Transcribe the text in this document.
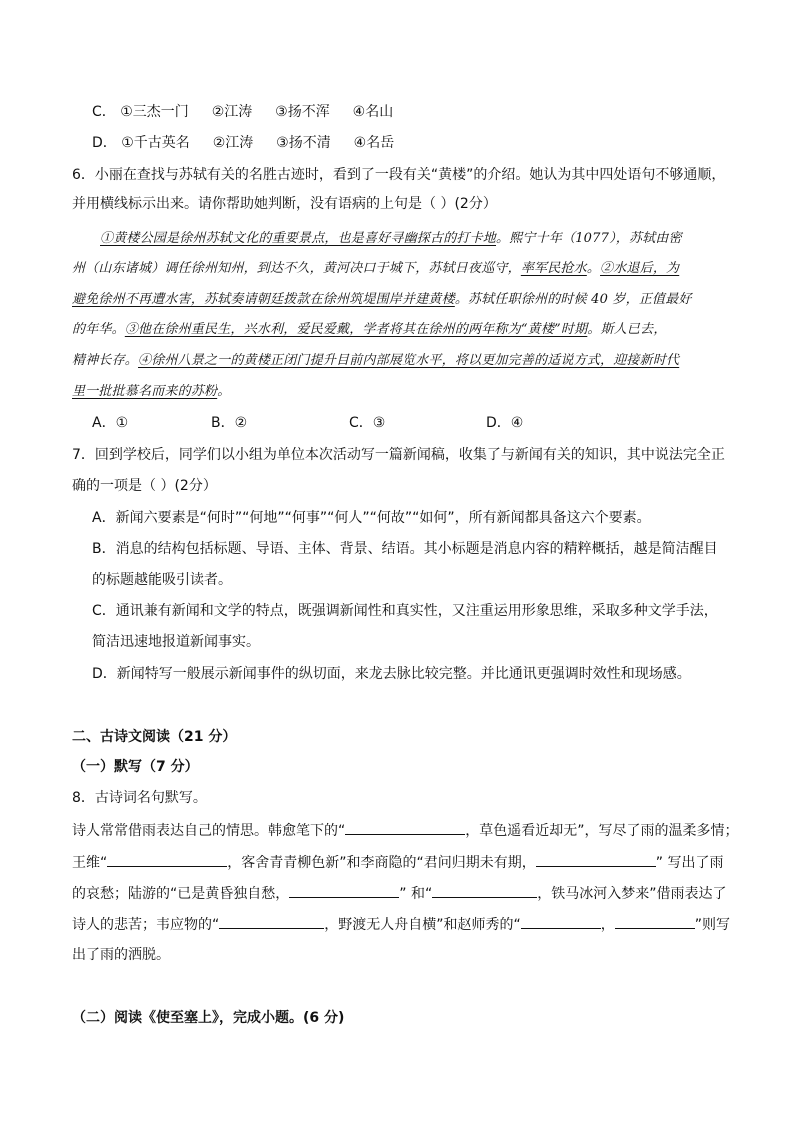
C． ①三杰一门 ②江涛 ③扬不浑 ④名山
D． ①千古英名 ②江涛 ③扬不清 ④名岳
6．小丽在查找与苏轼有关的名胜古迹时，看到了一段有关“黄楼”的介绍。她认为其中四处语句不够通顺，
并用横线标示出来。请你帮助她判断，没有语病的上句是（ ）(2分）
①黄楼公园是徐州苏轼文化的重要景点，也是喜好寻幽探古的打卡地。熙宁十年（1077），苏轼由密
州（山东诸城）调任徐州知州，到达不久，黄河决口于城下，苏轼日夜巡守，率军民抢水。②水退后，为
避免徐州不再遭水害，苏轼奏请朝廷拨款在徐州筑堤围岸并建黄楼。苏轼任职徐州的时候 40 岁，正值最好
的年华。③他在徐州重民生，兴水利，爱民爱戴，学者将其在徐州的两年称为“黄楼”时期。斯人已去，
精神长存。④徐州八景之一的黄楼正闭门提升目前内部展览水平，将以更加完善的适说方式，迎接新时代
里一批批慕名而来的苏粉。
A．①	B．②	C．③	D．④
7．回到学校后，同学们以小组为单位本次活动写一篇新闻稿，收集了与新闻有关的知识，其中说法完全正
确的一项是（ ）(2分）
A．新闻六要素是“何时”“何地”“何事”“何人”“何故”“如何”，所有新闻都具备这六个要素。
B．消息的结构包括标题、导语、主体、背景、结语。其小标题是消息内容的精粹概括，越是简洁醒目
的标题越能吸引读者。
C．通讯兼有新闻和文学的特点，既强调新闻性和真实性，又注重运用形象思维，采取多种文学手法，
简洁迅速地报道新闻事实。
D．新闻特写一般展示新闻事件的纵切面，来龙去脉比较完整。并比通讯更强调时效性和现场感。
二、古诗文阅读（21 分）
（一）默写（7 分）
8．古诗词名句默写。
诗人常常借雨表达自己的情思。韩愈笔下的“	，草色遥看近却无”，写尽了雨的温柔多情；
王维“	，客舍青青柳色新”和李商隐的“君问归期未有期，	” 写出了雨
的哀愁；陆游的“已是黄昏独自愁，	” 和“	，铁马冰河入梦来”借雨表达了
诗人的悲苦；韦应物的“	，野渡无人舟自横”和赵师秀的“	，	”则写
出了雨的洒脱。
（二）阅读《使至塞上》，完成小题。(6 分)
